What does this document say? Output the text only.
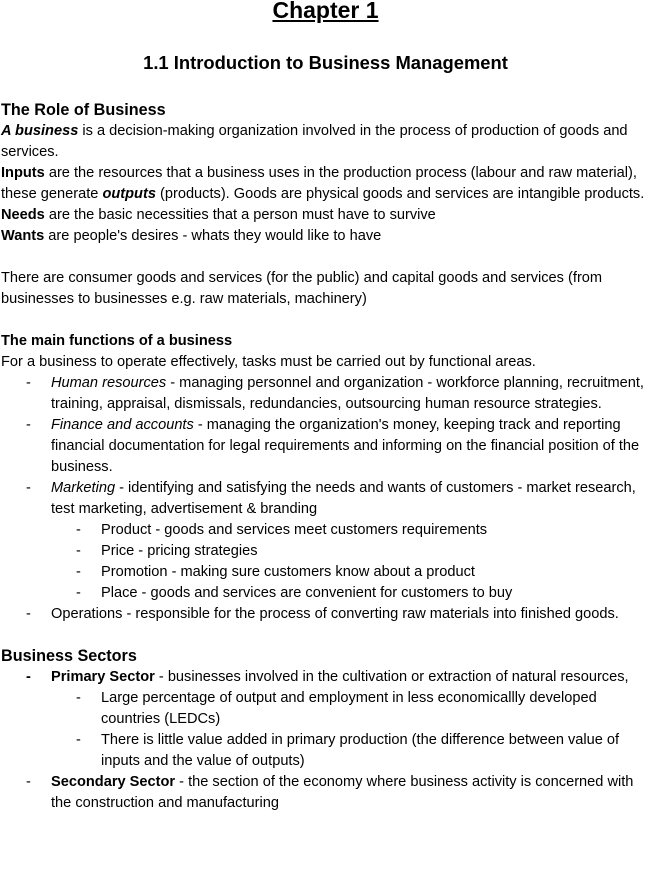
Chapter 1
1.1 Introduction to Business Management
The Role of Business

A business is a decision-making organization involved in the process of production of goods and services.

Inputs are the resources that a business uses in the production process (labour and raw material), these generate outputs (products). Goods are physical goods and services are intangible products.

Needs are the basic necessities that a person must have to survive

Wants are people's desires - whats they would like to have

There are consumer goods and services (for the public) and capital goods and services (from businesses to businesses e.g. raw materials, machinery)

The main functions of a business

For a business to operate effectively, tasks must be carried out by functional areas.

- Human resources - managing personnel and organization - workforce planning, recruitment, training, appraisal, dismissals, redundancies, outsourcing human resource strategies.
- Finance and accounts - managing the organization's money, keeping track and reporting financial documentation for legal requirements and informing on the financial position of the business.
- Marketing - identifying and satisfying the needs and wants of customers - market research, test marketing, advertisement & branding
- Product - goods and services meet customers requirements
- Price - pricing strategies
- Promotion - making sure customers know about a product
- Place - goods and services are convenient for customers to buy
- Operations - responsible for the process of converting raw materials into finished goods.
Business Sectors
- Primary Sector - businesses involved in the cultivation or extraction of natural resources,
- Large percentage of output and employment in less economicallly developed countries (LEDCs)
- There is little value added in primary production (the difference between value of inputs and the value of outputs)
- Secondary Sector - the section of the economy where business activity is concerned with the construction and manufacturing
